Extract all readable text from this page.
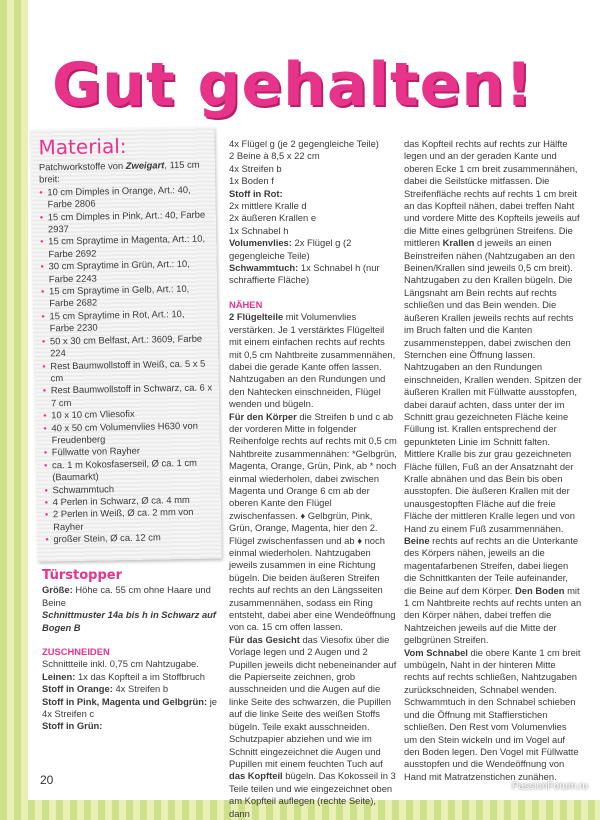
Gut gehalten!
Material:
Patchworkstoffe von Zweigart, 115 cm breit:
• 10 cm Dimples in Orange, Art.: 40, Farbe 2806
• 15 cm Dimples in Pink, Art.: 40, Farbe 2937
• 15 cm Spraytime in Magenta, Art.: 10, Farbe 2692
• 30 cm Spraytime in Grün, Art.: 10, Farbe 2243
• 15 cm Spraytime in Gelb, Art.: 10, Farbe 2682
• 15 cm Spraytime in Rot, Art.: 10, Farbe 2230
• 50 x 30 cm Belfast, Art.: 3609, Farbe 224
• Rest Baumwollstoff in Weiß, ca. 5 x 5 cm
• Rest Baumwollstoff in Schwarz, ca. 6 x 7 cm
• 10 x 10 cm Vliesofix
• 40 x 50 cm Volumenvlies H630 von Freudenberg
• Füllwatte von Rayher
• ca. 1 m Kokosfaserseil, Ø ca. 1 cm (Baumarkt)
• Schwammtuch
• 4 Perlen in Schwarz, Ø ca. 4 mm
• 2 Perlen in Weiß, Ø ca. 2 mm von Rayher
• großer Stein, Ø ca. 12 cm
Türstopper
Größe: Höhe ca. 55 cm ohne Haare und Beine
Schnittmuster 14a bis h in Schwarz auf Bogen B
ZUSCHNEIDEN
Schnittteile inkl. 0,75 cm Nahtzugabe.
Leinen: 1x das Kopfteil a im Stoffbruch
Stoff in Orange: 4x Streifen b
Stoff in Pink, Magenta und Gelbgrün: je 4x Streifen c
Stoff in Grün:

4x Flügel g (je 2 gegengleiche Teile)

2 Beine à 8,5 x 22 cm

4x Streifen b

1x Boden f

Stoff in Rot:

2x mittlere Kralle d

2x äußeren Krallen e

1x Schnabel h

Volumenvlies: 2x Flügel g (2 gegengleiche Teile)

Schwammtuch: 1x Schnabel h (nur schraffierte Fläche)

NÄHEN

2 Flügelteile mit Volumenvlies verstärken. Je 1 verstärktes Flügelteil mit einem einfachen rechts auf rechts mit 0,5 cm Nahtbreite zusammennähen, dabei die gerade Kante offen lassen. Nahtzugaben an den Rundungen und den Nahtecken einschneiden, Flügel wenden und bügeln.

Für den Körper die Streifen b und c ab der vorderen Mitte in folgender Reihenfolge rechts auf rechts mit 0,5 cm Nahtbreite zusammennähen: *Gelbgrün, Magenta, Orange, Grün, Pink, ab * noch einmal wiederholen, dabei zwischen Magenta und Orange 6 cm ab der oberen Kante den Flügel zwischenfassen. ♦ Gelbgrün, Pink, Grün, Orange, Magenta, hier den 2. Flügel zwischenfassen und ab ♦ noch einmal wiederholen. Nahtzugaben jeweils zusammen in eine Richtung bügeln. Die beiden äußeren Streifen rechts auf rechts an den Längsseiten zusammennähen, sodass ein Ring entsteht, dabei aber eine Wendeöffnung von ca. 15 cm offen lassen.

Für das Gesicht das Viesofix über die Vorlage legen und 2 Augen und 2 Pupillen jeweils dicht nebeneinander auf die Papierseite zeichnen, grob ausschneiden und die Augen auf die linke Seite des schwarzen, die Pupillen auf die linke Seite des weißen Stoffs bügeln. Teile exakt ausschneiden. Schutzpapier abziehen und wie im Schnitt eingezeichnet die Augen und Pupillen mit einem feuchten Tuch auf das Kopfteil bügeln. Das Kokosseil in 3 Teile teilen und wie eingezeichnet oben am Kopfteil auflegen (rechte Seite), dann

das Kopfteil rechts auf rechts zur Hälfte legen und an der geraden Kante und oberen Ecke 1 cm breit zusammennähen, dabei die Seilstücke mitfassen. Die Streifenfläche rechts auf rechts 1 cm breit an das Kopfteil nähen, dabei treffen Naht und vordere Mitte des Kopfteils jeweils auf die Mitte eines gelbgrünen Streifens. Die mittleren Krallen d jeweils an einen Beinstreifen nähen (Nahtzugaben an den Beinen/Krallen sind jeweils 0,5 cm breit). Nahtzugaben zu den Krallen bügeln. Die Längsnaht am Bein rechts auf rechts schließen und das Bein wenden. Die äußeren Krallen jeweils rechts auf rechts im Bruch falten und die Kanten zusammensteppen, dabei zwischen den Sternchen eine Öffnung lassen. Nahtzugaben an den Rundungen einschneiden, Krallen wenden. Spitzen der äußeren Krallen mit Füllwatte ausstopfen, dabei darauf achten, dass unter der im Schnitt grau gezeichneten Fläche keine Füllung ist. Krallen entsprechend der gepunkteten Linie im Schnitt falten. Mittlere Kralle bis zur grau gezeichneten Fläche füllen, Fuß an der Ansatznaht der Kralle abnähen und das Bein bis oben ausstopfen. Die äußeren Krallen mit der unausgestopften Fläche auf die freie Fläche der mittleren Kralle legen und von Hand zu einem Fuß zusammennähen. Beine rechts auf rechts an die Unterkante des Körpers nähen, jeweils an die magentafarbenen Streifen, dabei liegen die Schnittkanten der Teile aufeinander, die Beine auf dem Körper. Den Boden mit 1 cm Nahtbreite rechts auf rechts unten an den Körper nähen, dabei treffen die Nahtzeichen jeweils auf die Mitte der gelbgrünen Streifen.

Vom Schnabel die obere Kante 1 cm breit umbügeln, Naht in der hinteren Mitte rechts auf rechts schließen, Nahtzugaben zurückschneiden, Schnabel wenden. Schwammtuch in den Schnabel schieben und die Öffnung mit Staffierstichen schließen. Den Rest vom Volumenvlies um den Stein wickeln und im Vogel auf den Boden legen. Den Vogel mit Füllwatte ausstopfen und die Wendeöffnung von Hand mit Matratzenstichen zunähen.

20	PassionForum.ru
